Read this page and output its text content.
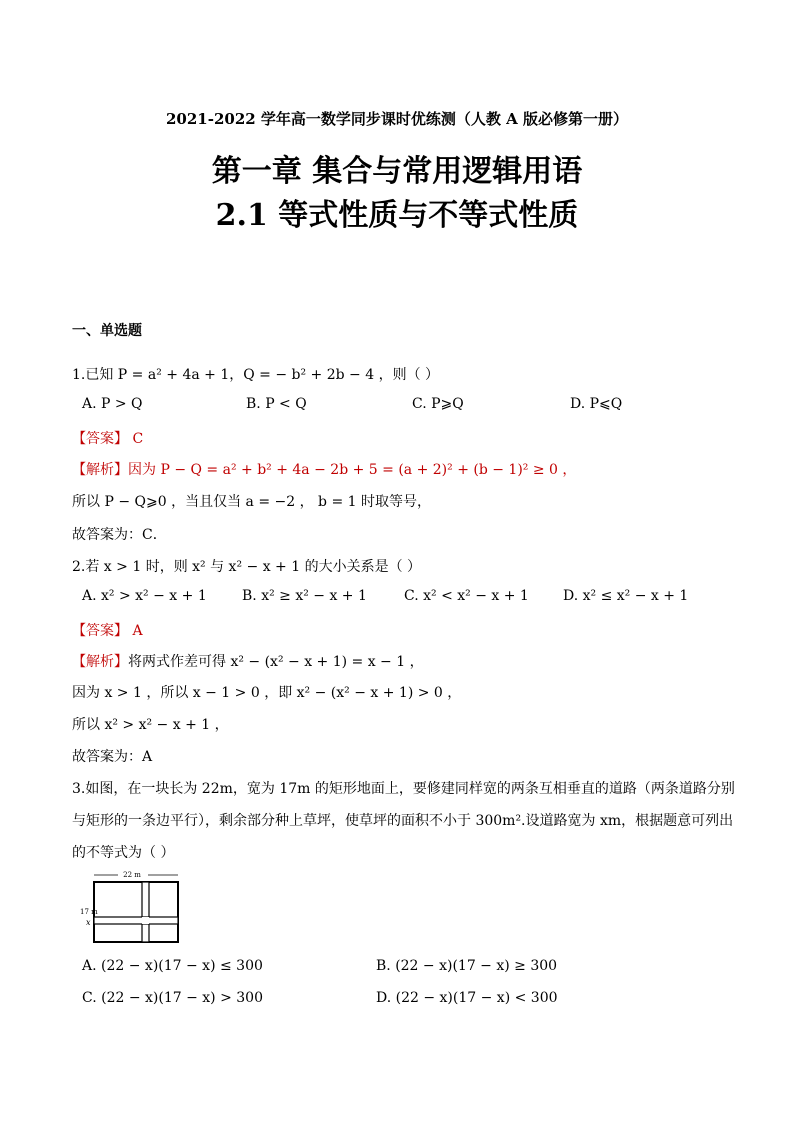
2021-2022 学年高一数学同步课时优练测（人教 A 版必修第一册）
第一章 集合与常用逻辑用语
2.1 等式性质与不等式性质
一、单选题
1.已知 P = a² + 4a + 1，Q = − b² + 2b − 4 ，则（ ）
A. P > Q	B. P < Q	C. P⩾Q	D. P⩽Q
【答案】 C
【解析】因为 P − Q = a² + b² + 4a − 2b + 5 = (a + 2)² + (b − 1)² ≥ 0 ，
所以 P − Q⩾0 ，当且仅当 a = −2 ， b = 1 时取等号，
故答案为：C．
2.若 x > 1 时，则 x² 与 x² − x + 1 的大小关系是（ ）
A. x² > x² − x + 1	B. x² ≥ x² − x + 1	C. x² < x² − x + 1 D. x² ≤ x² − x + 1
【答案】 A
【解析】将两式作差可得 x² − (x² − x + 1) = x − 1 ，
因为 x > 1 ，所以 x − 1 > 0 ，即 x² − (x² − x + 1) > 0 ，
所以 x² > x² − x + 1 ，
故答案为：A
3.如图，在一块长为 22m，宽为 17m 的矩形地面上，要修建同样宽的两条互相垂直的道路（两条道路分别
与矩形的一条边平行），剩余部分种上草坪，使草坪的面积不小于 300m².设道路宽为 xm，根据题意可列出
的不等式为（ ）
22 m
17 m
x
A. (22 − x)(17 − x) ≤ 300	B. (22 − x)(17 − x) ≥ 300
C. (22 − x)(17 − x) > 300	D. (22 − x)(17 − x) < 300
